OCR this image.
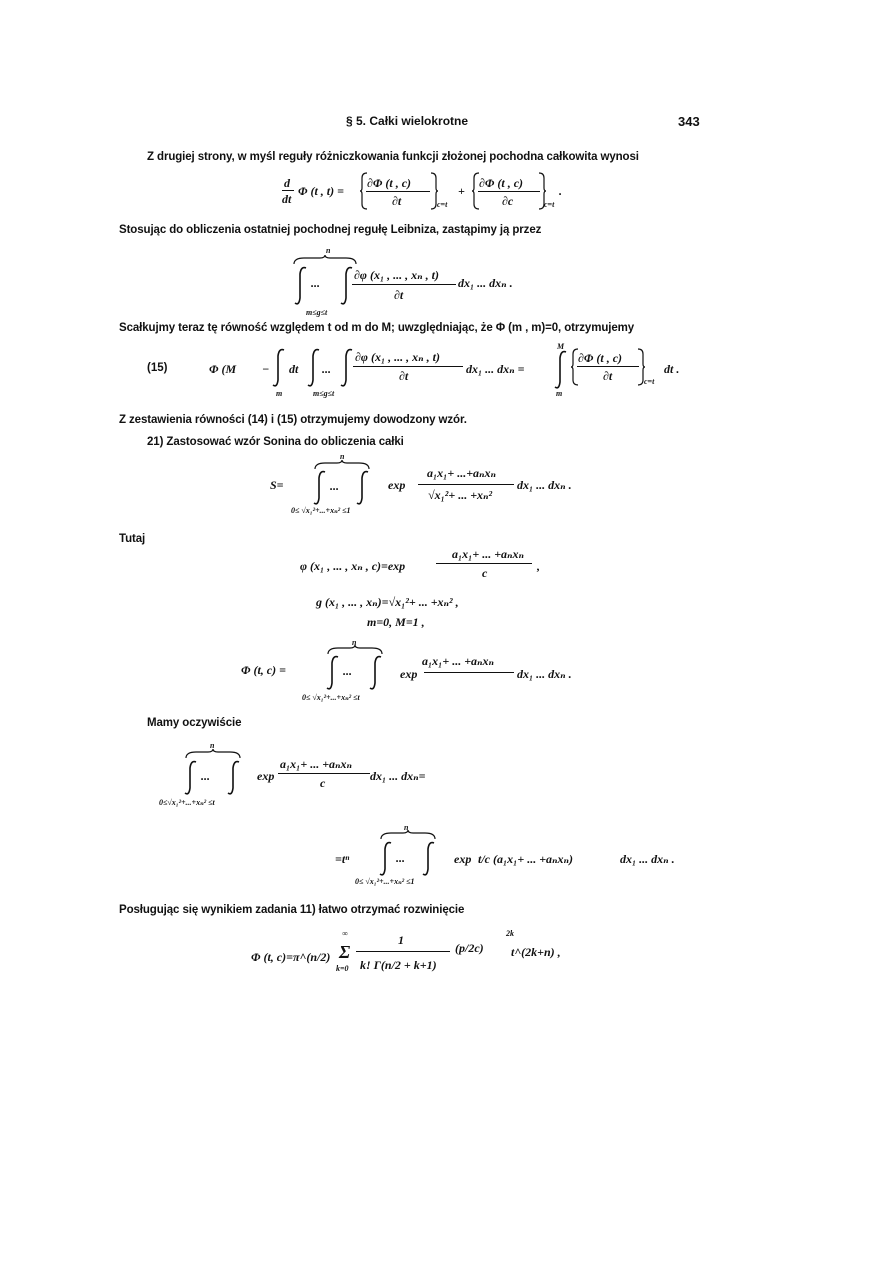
§ 5. Całki wielokrotne	343
Z drugiej strony, w myśl reguły różniczkowania funkcji złożonej pochodna całkowita wynosi
d
dt
Φ (t , t) =
∂Φ (t , c)
∂t	c=t
+
∂Φ (t , c)
∂c	c=t
.
Stosując do obliczenia ostatniej pochodnej regułę Leibniza, zastąpimy ją przez
n
...
∂φ (x₁ , ... , xₙ , t)
∂t
dx₁ ... dxₙ .
m≤g≤t
Scałkujmy teraz tę równość względem t od m do M; uwzględniając, że Φ (m , m)=0, otrzymujemy
(15)	Φ (M − dt ...
∂φ (x₁ , ... , xₙ , t)
∂t	dx₁ ... dxₙ =
M
m
∂Φ (t , c)
∂t	c=t
dt .
m	m≤g≤t
Z zestawienia równości (14) i (15) otrzymujemy dowodzony wzór.
21) Zastosować wzór Sonina do obliczenia całki
S=
n
...	exp
a₁x₁+ ...+aₙxₙ
√x₁²+ ... +xₙ²
dx₁ ... dxₙ .
0≤ √x₁²+...+xₙ² ≤1
Tutaj
φ (x₁ , ... , xₙ , c)=exp
a₁x₁+ ... +aₙxₙ
c	,
g (x₁ , ... , xₙ)=√x₁²+ ... +xₙ² ,
m=0, M=1 ,
Φ (t, c) =
n
...	exp
a₁x₁+ ... +aₙxₙ
dx₁ ... dxₙ .
0≤ √x₁²+...+xₙ² ≤t
Mamy oczywiście
n
...	exp
a₁x₁+ ... +aₙxₙ
c	dx₁ ... dxₙ=
0≤√x₁²+...+xₙ² ≤t
=tⁿ
n
...	exp t/c (a₁x₁+ ... +aₙxₙ)	dx₁ ... dxₙ .
0≤ √x₁²+...+xₙ² ≤1
Posługując się wynikiem zadania 11) łatwo otrzymać rozwinięcie
Φ (t, c)=π^(n/2)
∞
Σ
k=0
1
k! Γ(n/2 + k+1)
(p/2c)
2k
t^(2k+n) ,
